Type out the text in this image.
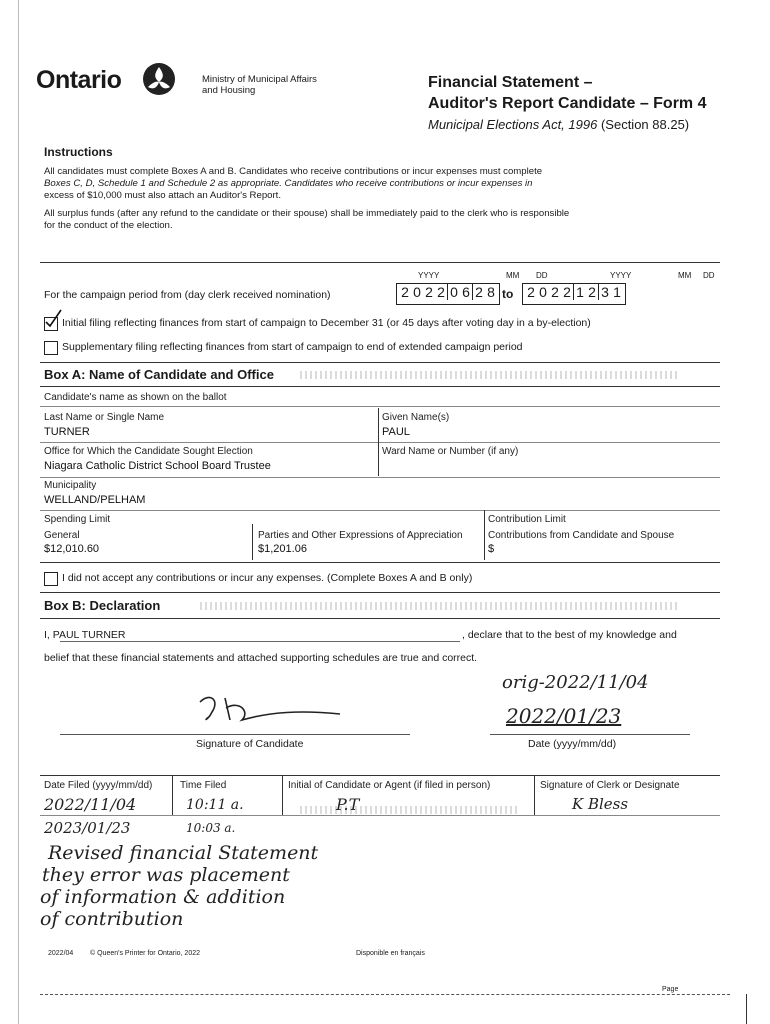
Ontario	Ministry of Municipal Affairs
and Housing	Financial Statement –
Auditor's Report Candidate – Form 4
Municipal Elections Act, 1996 (Section 88.25)
Instructions
All candidates must complete Boxes A and B. Candidates who receive contributions or incur expenses must complete
Boxes C, D, Schedule 1 and Schedule 2 as appropriate. Candidates who receive contributions or incur expenses in
excess of $10,000 must also attach an Auditor's Report.
All surplus funds (after any refund to the candidate or their spouse) shall be immediately paid to the clerk who is responsible
for the conduct of the election.
YYYY	MM DD	YYYY	MM DD
For the campaign period from (day clerk received nomination)	2 0 2 2 0 6 2 8 to 2 0 2 2 1 2 3 1
Initial filing reflecting finances from start of campaign to December 31 (or 45 days after voting day in a by-election)
Supplementary filing reflecting finances from start of campaign to end of extended campaign period
Box A: Name of Candidate and Office
Candidate's name as shown on the ballot
Last Name or Single Name
TURNER
Given Name(s)
PAUL
Office for Which the Candidate Sought Election
Niagara Catholic District School Board Trustee
Ward Name or Number (if any)
Municipality
WELLAND/PELHAM
Spending Limit
General
$12,010.60
Parties and Other Expressions of Appreciation
$1,201.06
Contribution Limit
Contributions from Candidate and Spouse
$
I did not accept any contributions or incur any expenses. (Complete Boxes A and B only)
Box B: Declaration
I, PAUL TURNER	, declare that to the best of my knowledge and
belief that these financial statements and attached supporting schedules are true and correct.
Signature of Candidate
orig-2022/11/04
2022/01/23
Date (yyyy/mm/dd)
Date Filed (yyyy/mm/dd)	Time Filed	Initial of Candidate or Agent (if filed in person)	Signature of Clerk or Designate
2022/11/04	10:11 a.	P.T	K Bless
2023/01/23	10:03 a.
Revised financial Statement
they error was placement
of information & addition
of contribution
2022/04 © Queen's Printer for Ontario, 2022	Disponible en français
Page
